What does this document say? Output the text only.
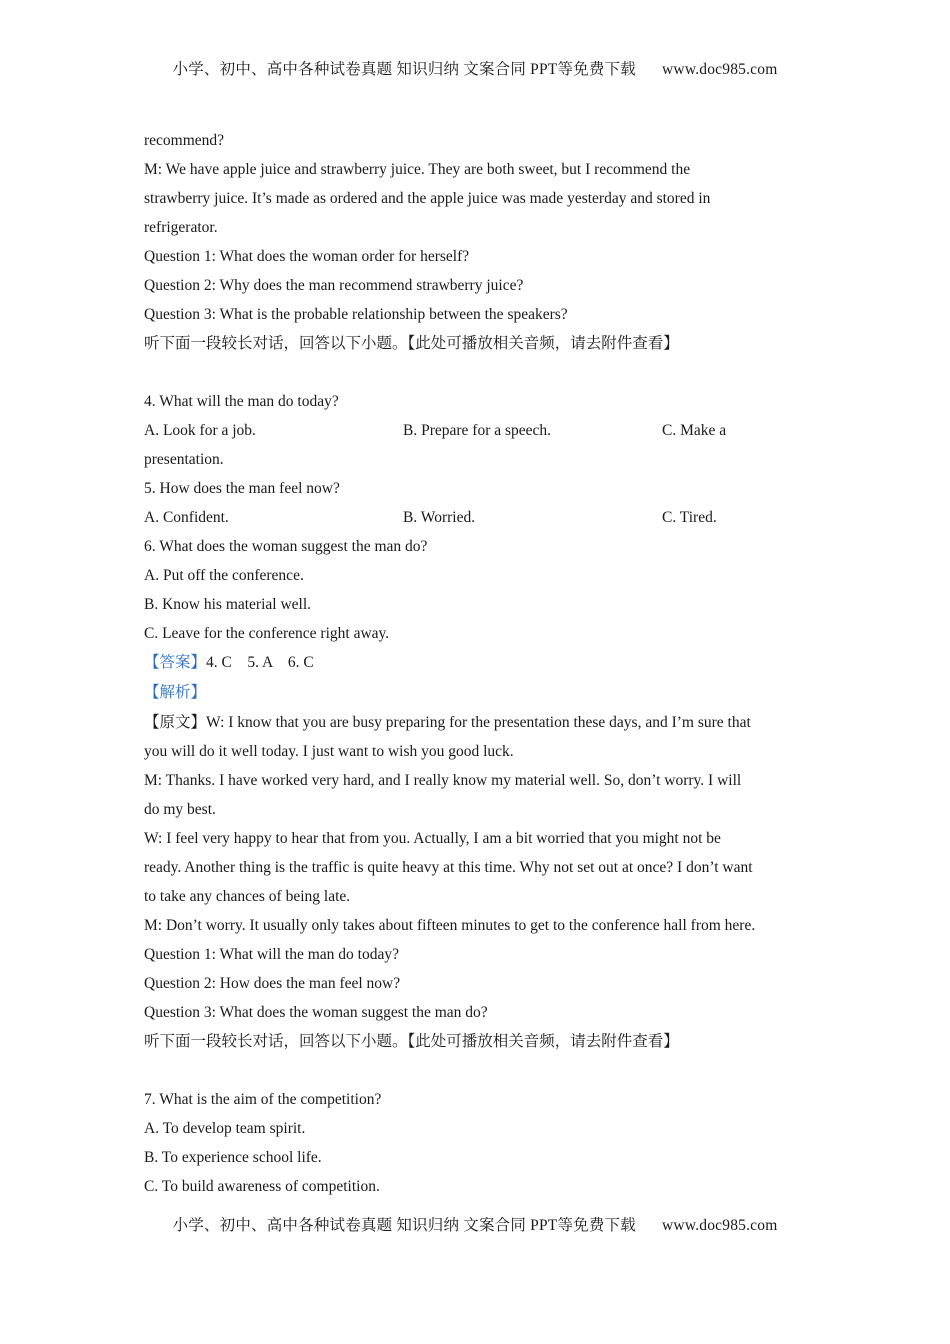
小学、初中、高中各种试卷真题 知识归纳 文案合同 PPT等免费下载 www.doc985.com
recommend?
M: We have apple juice and strawberry juice. They are both sweet, but I recommend the
strawberry juice. It’s made as ordered and the apple juice was made yesterday and stored in
refrigerator.
Question 1: What does the woman order for herself?
Question 2: Why does the man recommend strawberry juice?
Question 3: What is the probable relationship between the speakers?
听下面一段较长对话，回答以下小题。【此处可播放相关音频，请去附件查看】
4. What will the man do today?
A. Look for a job.	B. Prepare for a speech.	C. Make a
presentation.
5. How does the man feel now?
A. Confident.	B. Worried.	C. Tired.
6. What does the woman suggest the man do?
A. Put off the conference.
B. Know his material well.
C. Leave for the conference right away.
【答案】4. C    5. A    6. C
【解析】
【原文】W: I know that you are busy preparing for the presentation these days, and I’m sure that
you will do it well today. I just want to wish you good luck.
M: Thanks. I have worked very hard, and I really know my material well. So, don’t worry. I will
do my best.
W: I feel very happy to hear that from you. Actually, I am a bit worried that you might not be
ready. Another thing is the traffic is quite heavy at this time. Why not set out at once? I don’t want
to take any chances of being late.
M: Don’t worry. It usually only takes about fifteen minutes to get to the conference hall from here.
Question 1: What will the man do today?
Question 2: How does the man feel now?
Question 3: What does the woman suggest the man do?
听下面一段较长对话，回答以下小题。【此处可播放相关音频，请去附件查看】
7. What is the aim of the competition?
A. To develop team spirit.
B. To experience school life.
C. To build awareness of competition.
小学、初中、高中各种试卷真题 知识归纳 文案合同 PPT等免费下载 www.doc985.com
